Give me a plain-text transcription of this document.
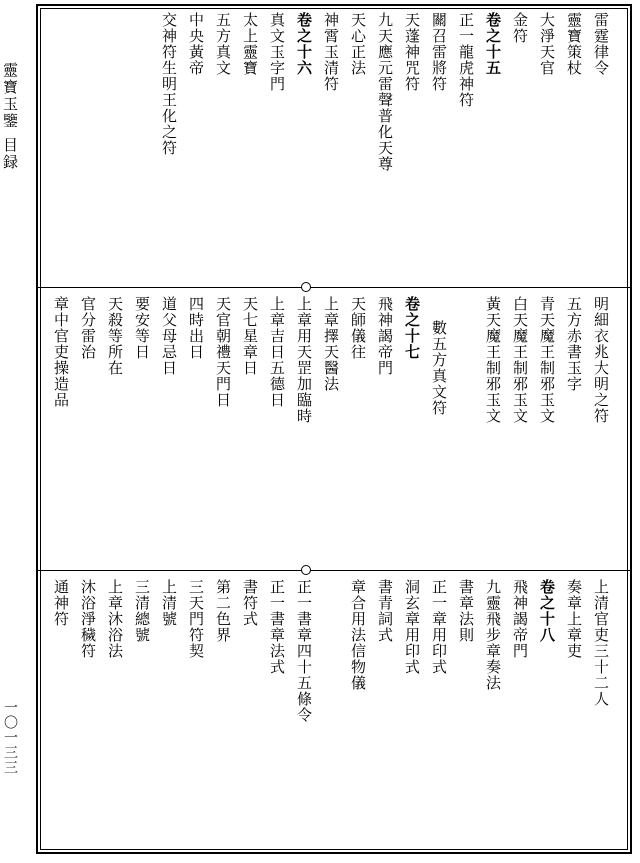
靈寶玉鑒 目録
一〇一三三
雷霆律令
靈寶策杖
大淨天官
金符
卷之十五
正一龍虎神符
關召雷將符
天蓬神咒符
九天應元雷聲普化天尊
天心正法
神霄玉清符
卷之十六
真文玉字門
太上靈寶
五方真文
中央黃帝
交神符生明王化之符
明細衣兆大明之符
五方赤書玉字
青天魔王制邪玉文
白天魔王制邪玉文
黃天魔王制邪玉文
數五方真文符
卷之十七
飛神謁帝門
天師儀往
上章擇天醫法
上章用天罡加臨時
上章吉日五德日
天七星章日
天官朝禮天門日
四時出日
道父母忌日
要安等日
天殺等所在
官分雷治
章中官吏操造品
上清官吏三十二人
奏章上章吏
卷之十八
飛神謁帝門
九靈飛步章奏法
書章法則
正一章用印式
洞玄章用印式
書青詞式
章合用法信物儀
正一書章四十五條令
正一書章法式
書符式
第二色界
三天門符契
上清號
三清總號
上章沐浴法
沐浴淨穢符
通神符
